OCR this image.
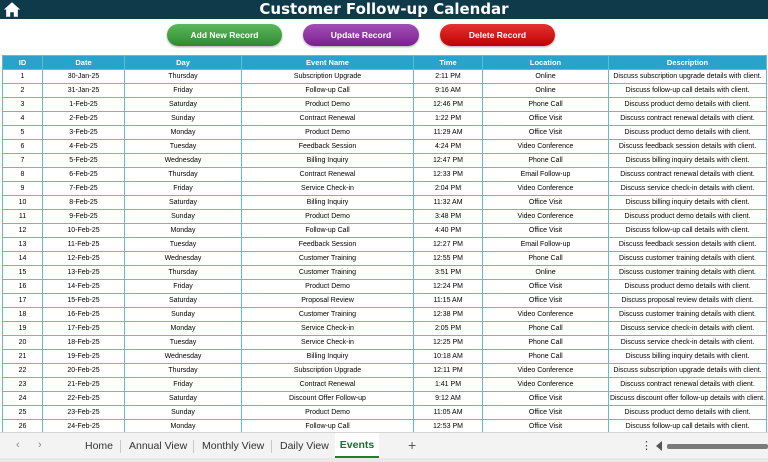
Customer Follow-up Calendar
Add New Record	Update Record	Delete Record
ID	Date	Day	Event Name	Time	Location	Description
1	30-Jan-25	Thursday	Subscription Upgrade	2:11 PM	Online	Discuss subscription upgrade details with client.
2	31-Jan-25	Friday	Follow-up Call	9:16 AM	Online	Discuss follow-up call details with client.
3	1-Feb-25	Saturday	Product Demo	12:46 PM	Phone Call	Discuss product demo details with client.
4	2-Feb-25	Sunday	Contract Renewal	1:22 PM	Office Visit	Discuss contract renewal details with client.
5	3-Feb-25	Monday	Product Demo	11:29 AM	Office Visit	Discuss product demo details with client.
6	4-Feb-25	Tuesday	Feedback Session	4:24 PM	Video Conference	Discuss feedback session details with client.
7	5-Feb-25	Wednesday	Billing Inquiry	12:47 PM	Phone Call	Discuss billing inquiry details with client.
8	6-Feb-25	Thursday	Contract Renewal	12:33 PM	Email Follow-up	Discuss contract renewal details with client.
9	7-Feb-25	Friday	Service Check-in	2:04 PM	Video Conference	Discuss service check-in details with client.
10	8-Feb-25	Saturday	Billing Inquiry	11:32 AM	Office Visit	Discuss billing inquiry details with client.
11	9-Feb-25	Sunday	Product Demo	3:48 PM	Video Conference	Discuss product demo details with client.
12	10-Feb-25	Monday	Follow-up Call	4:40 PM	Office Visit	Discuss follow-up call details with client.
13	11-Feb-25	Tuesday	Feedback Session	12:27 PM	Email Follow-up	Discuss feedback session details with client.
14	12-Feb-25	Wednesday	Customer Training	12:55 PM	Phone Call	Discuss customer training details with client.
15	13-Feb-25	Thursday	Customer Training	3:51 PM	Online	Discuss customer training details with client.
16	14-Feb-25	Friday	Product Demo	12:24 PM	Office Visit	Discuss product demo details with client.
17	15-Feb-25	Saturday	Proposal Review	11:15 AM	Office Visit	Discuss proposal review details with client.
18	16-Feb-25	Sunday	Customer Training	12:38 PM	Video Conference	Discuss customer training details with client.
19	17-Feb-25	Monday	Service Check-in	2:05 PM	Phone Call	Discuss service check-in details with client.
20	18-Feb-25	Tuesday	Service Check-in	12:25 PM	Phone Call	Discuss service check-in details with client.
21	19-Feb-25	Wednesday	Billing Inquiry	10:18 AM	Phone Call	Discuss billing inquiry details with client.
22	20-Feb-25	Thursday	Subscription Upgrade	12:11 PM	Video Conference	Discuss subscription upgrade details with client.
23	21-Feb-25	Friday	Contract Renewal	1:41 PM	Video Conference	Discuss contract renewal details with client.
24	22-Feb-25	Saturday	Discount Offer Follow-up	9:12 AM	Office Visit	Discuss discount offer follow-up details with client.
25	23-Feb-25	Sunday	Product Demo	11:05 AM	Office Visit	Discuss product demo details with client.
26	24-Feb-25	Monday	Follow-up Call	12:53 PM	Office Visit	Discuss follow-up call details with client.
‹ ›	Home Annual View Monthly View Daily View	Events	+	⋮
